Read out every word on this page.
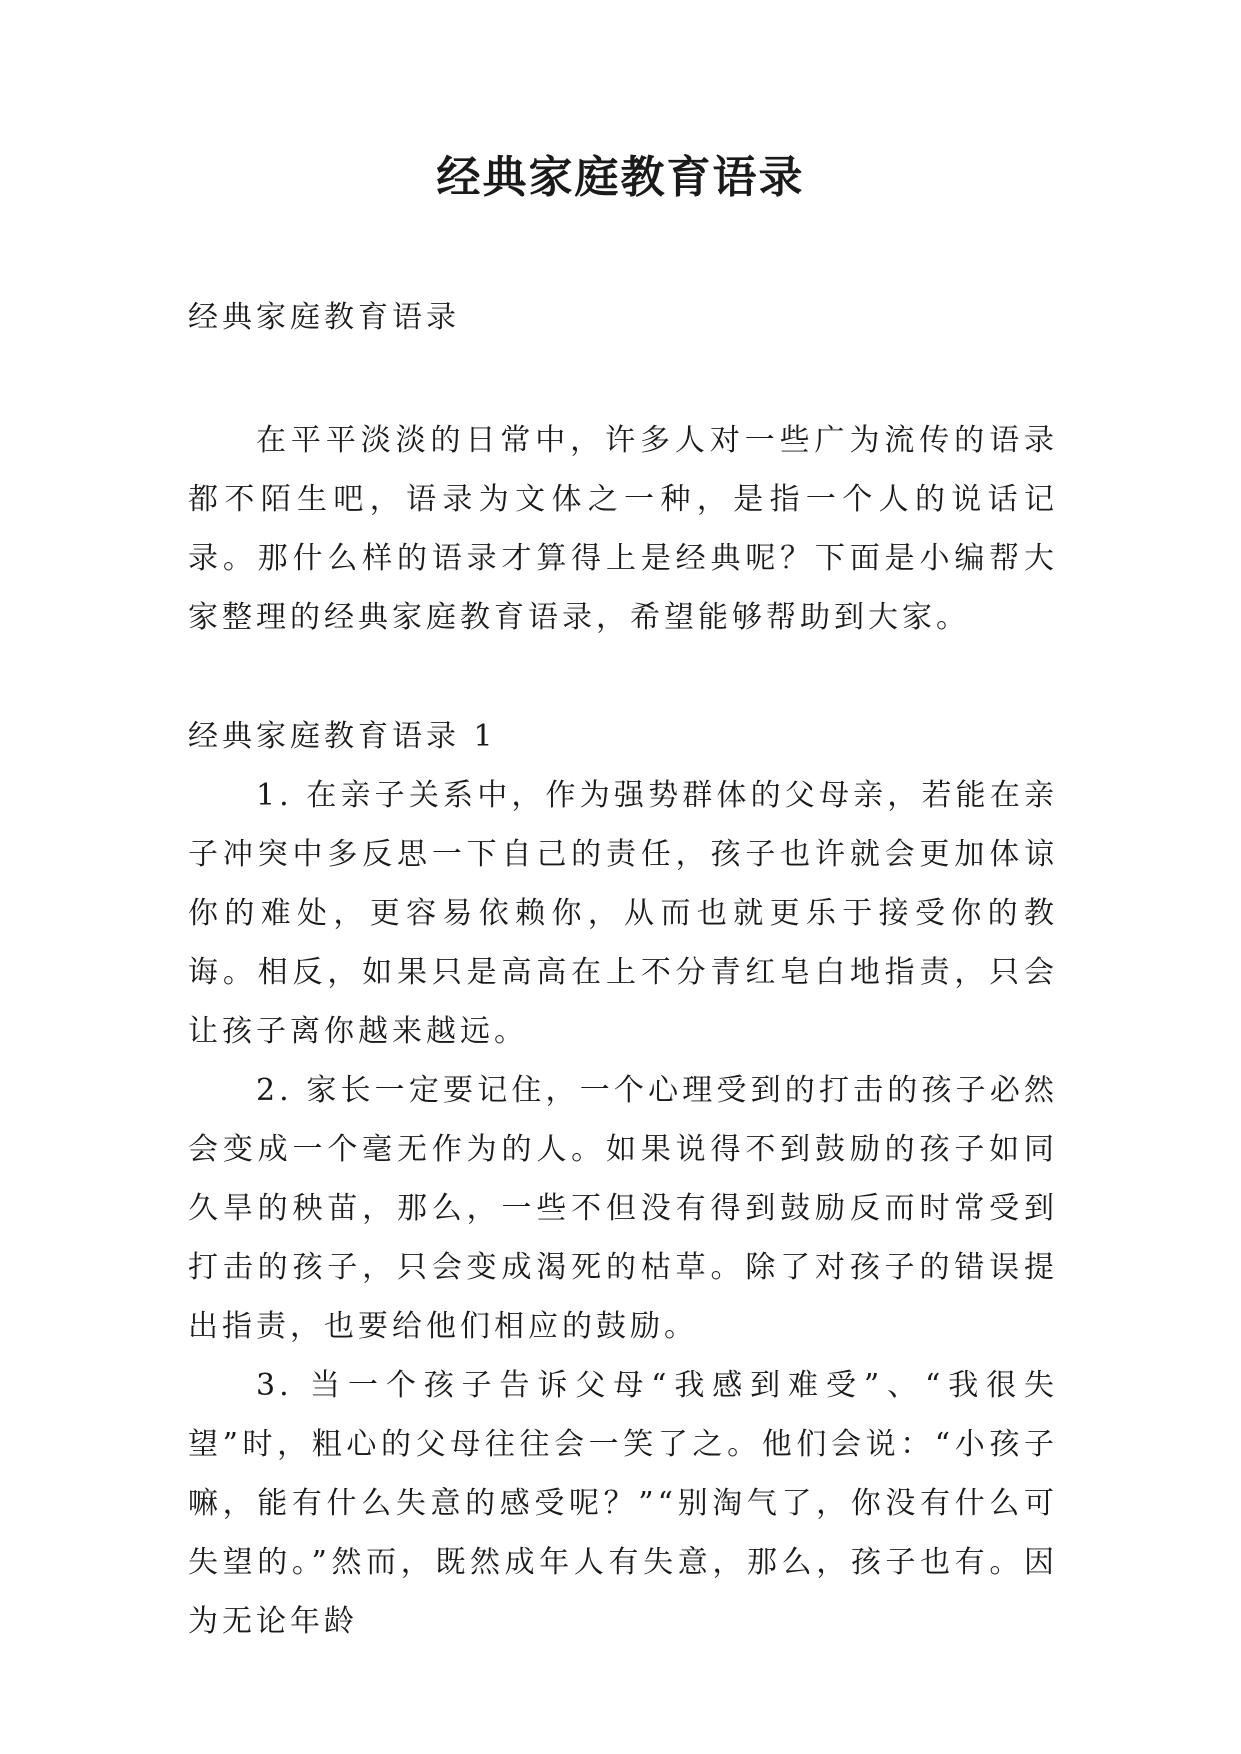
经典家庭教育语录

经典家庭教育语录

在平平淡淡的日常中，许多人对一些广为流传的语录都不陌生吧，语录为文体之一种，是指一个人的说话记录。那什么样的语录才算得上是经典呢？下面是小编帮大家整理的经典家庭教育语录，希望能够帮助到大家。

经典家庭教育语录 1

1. 在亲子关系中，作为强势群体的父母亲，若能在亲子冲突中多反思一下自己的责任，孩子也许就会更加体谅你的难处，更容易依赖你，从而也就更乐于接受你的教诲。相反，如果只是高高在上不分青红皂白地指责，只会让孩子离你越来越远。

2. 家长一定要记住，一个心理受到的打击的孩子必然会变成一个毫无作为的人。如果说得不到鼓励的孩子如同久旱的秧苗，那么，一些不但没有得到鼓励反而时常受到打击的孩子，只会变成渴死的枯草。除了对孩子的错误提出指责，也要给他们相应的鼓励。

3. 当一个孩子告诉父母“我感到难受”、“我很失望”时，粗心的父母往往会一笑了之。他们会说：“小孩子嘛，能有什么失意的感受呢？”“别淘气了，你没有什么可失望的。”然而，既然成年人有失意，那么，孩子也有。因为无论年龄
